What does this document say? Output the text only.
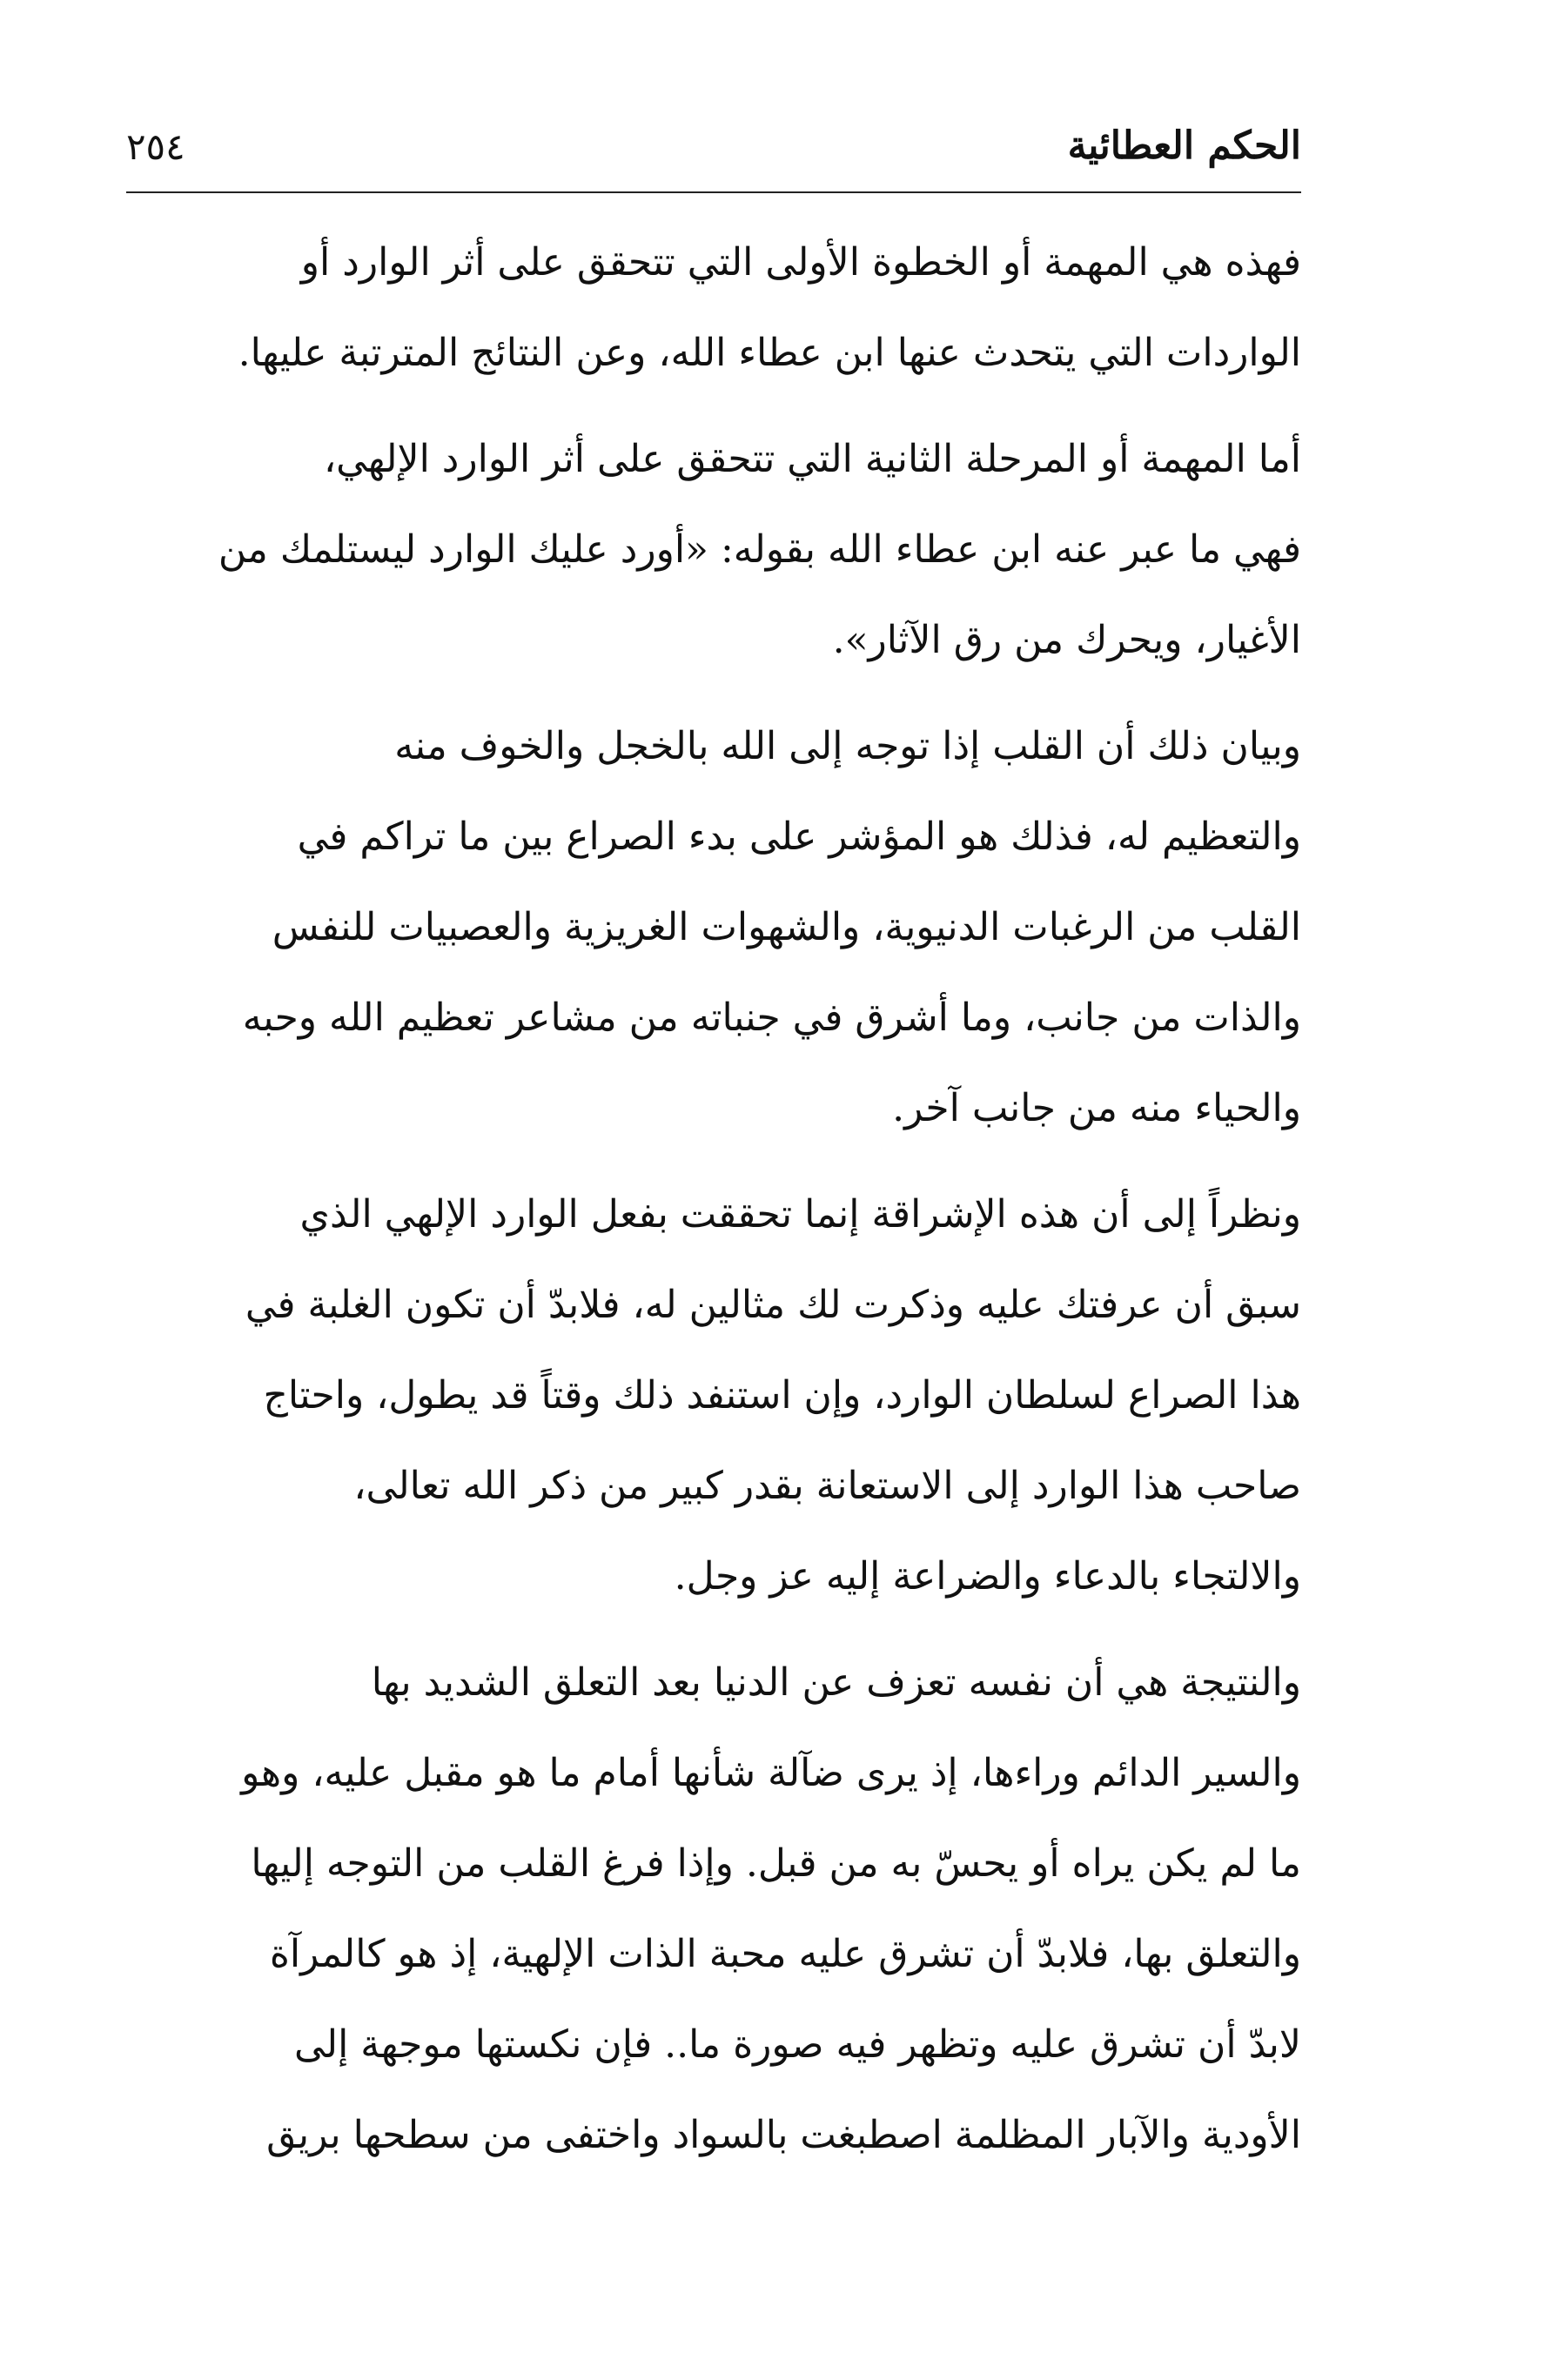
الحكم العطائية
٢٥٤

فهذه هي المهمة أو الخطوة الأولى التي تتحقق على أثر الوارد أو
الواردات التي يتحدث عنها ابن عطاء الله، وعن النتائج المترتبة عليها.

أما المهمة أو المرحلة الثانية التي تتحقق على أثر الوارد الإلهي،
فهي ما عبر عنه ابن عطاء الله بقوله: «أورد عليك الوارد ليستلمك من
الأغيار، ويحرك من رق الآثار».

وبيان ذلك أن القلب إذا توجه إلى الله بالخجل والخوف منه
والتعظيم له، فذلك هو المؤشر على بدء الصراع بين ما تراكم في
القلب من الرغبات الدنيوية، والشهوات الغريزية والعصبيات للنفس
والذات من جانب، وما أشرق في جنباته من مشاعر تعظيم الله وحبه
والحياء منه من جانب آخر.

ونظراً إلى أن هذه الإشراقة إنما تحققت بفعل الوارد الإلهي الذي
سبق أن عرفتك عليه وذكرت لك مثالين له، فلابدّ أن تكون الغلبة في
هذا الصراع لسلطان الوارد، وإن استنفد ذلك وقتاً قد يطول، واحتاج
صاحب هذا الوارد إلى الاستعانة بقدر كبير من ذكر الله تعالى،
والالتجاء بالدعاء والضراعة إليه عز وجل.

والنتيجة هي أن نفسه تعزف عن الدنيا بعد التعلق الشديد بها
والسير الدائم وراءها، إذ يرى ضآلة شأنها أمام ما هو مقبل عليه، وهو
ما لم يكن يراه أو يحسّ به من قبل. وإذا فرغ القلب من التوجه إليها
والتعلق بها، فلابدّ أن تشرق عليه محبة الذات الإلهية، إذ هو كالمرآة
لابدّ أن تشرق عليه وتظهر فيه صورة ما.. فإن نكستها موجهة إلى
الأودية والآبار المظلمة اصطبغت بالسواد واختفى من سطحها بريق
